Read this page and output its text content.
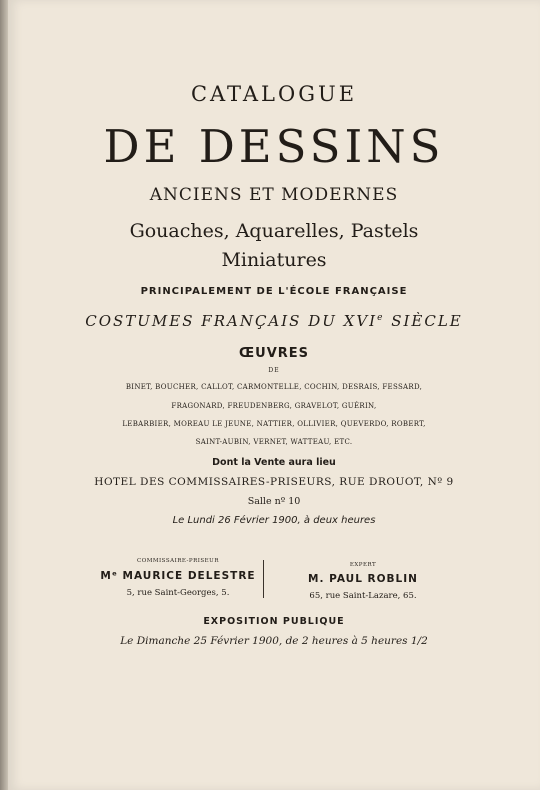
CATALOGUE
DE DESSINS
ANCIENS ET MODERNES
Gouaches, Aquarelles, Pastels
Miniatures
PRINCIPALEMENT DE L'ÉCOLE FRANÇAISE
COSTUMES FRANÇAIS DU XVIe SIÈCLE
ŒUVRES
DE
BINET, BOUCHER, CALLOT, CARMONTELLE, COCHIN, DESRAIS, FESSARD,
FRAGONARD, FREUDENBERG, GRAVELOT, GUÉRIN,
LEBARBIER, MOREAU LE JEUNE, NATTIER, OLLIVIER, QUEVERDO, ROBERT,
SAINT-AUBIN, VERNET, WATTEAU, ETC.
Dont la Vente aura lieu
HOTEL DES COMMISSAIRES-PRISEURS, RUE DROUOT, Nº 9
Salle nº 10
Le Lundi 26 Février 1900, à deux heures
COMMISSAIRE-PRISEUR
Mᵉ MAURICE DELESTRE
5, rue Saint-Georges, 5.
EXPERT
M. PAUL ROBLIN
65, rue Saint-Lazare, 65.
EXPOSITION PUBLIQUE
Le Dimanche 25 Février 1900, de 2 heures à 5 heures 1/2
